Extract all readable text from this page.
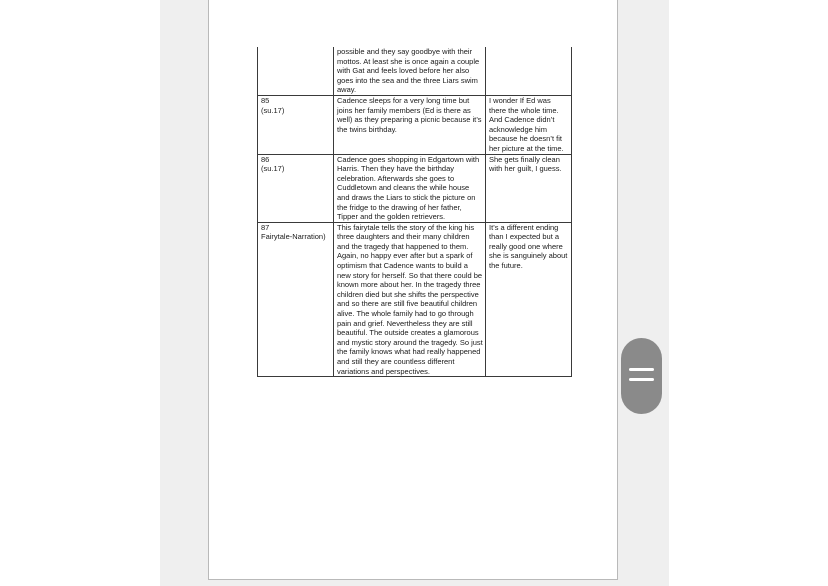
	possible and they say goodbye with their mottos. At least she is once again a couple with Gat and feels loved before her also goes into the sea and the three Liars swim away.	

85
(su.17)	Cadence sleeps for a very long time but joins her family members (Ed is there as well) as they preparing a picnic because it’s the twins birthday.	I wonder If Ed was there the whole time. And Cadence didn’t acknowledge him because he doesn’t fit her picture at the time.

86
(su.17)	Cadence goes shopping in Edgartown with Harris. Then they have the birthday celebration. Afterwards she goes to Cuddletown and cleans the while house and draws the Liars to stick the picture on the fridge to the drawing of her father, Tipper and the golden retrievers.	She gets finally clean with her guilt, I guess.

87
Fairytale-Narration)	This fairytale tells the story of the king his three daughters and their many children and the tragedy that happened to them. Again, no happy ever after but a spark of optimism that Cadence wants to build a new story for herself. So that there could be known more about her. In the tragedy three children died but she shifts the perspective and so there are still five beautiful children alive. The whole family had to go through pain and grief. Nevertheless they are still beautiful. The outside creates a glamorous and mystic story around the tragedy. So just the family knows what had really happened and still they are countless different variations and perspectives.	It’s a different ending than I expected but a really good one where she is sanguinely about the future.
